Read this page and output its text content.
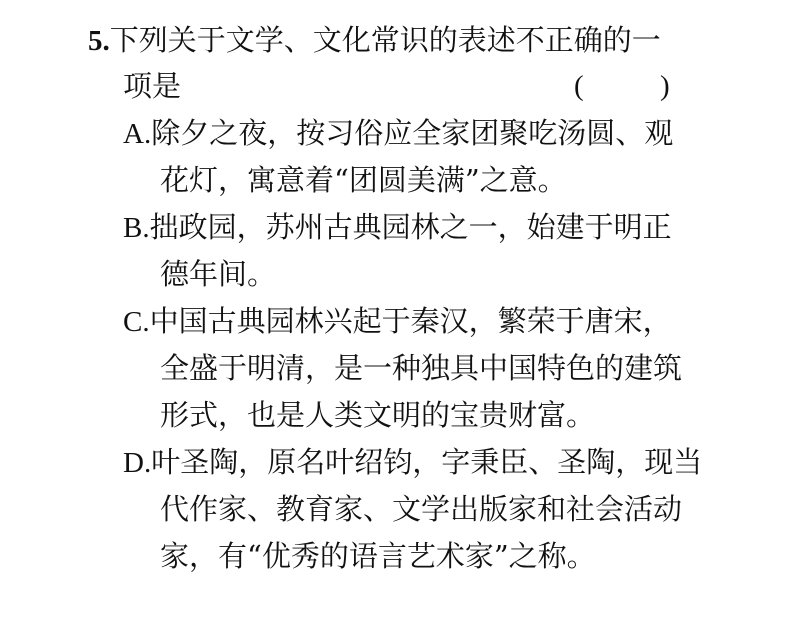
5.下列关于文学、文化常识的表述不正确的一
项是	(	)
A.除夕之夜，按习俗应全家团聚吃汤圆、观
花灯，寓意着“团圆美满”之意。
B.拙政园，苏州古典园林之一，始建于明正
德年间。
C.中国古典园林兴起于秦汉，繁荣于唐宋，
全盛于明清，是一种独具中国特色的建筑
形式，也是人类文明的宝贵财富。
D.叶圣陶，原名叶绍钧，字秉臣、圣陶，现当
代作家、教育家、文学出版家和社会活动
家，有“优秀的语言艺术家”之称。
